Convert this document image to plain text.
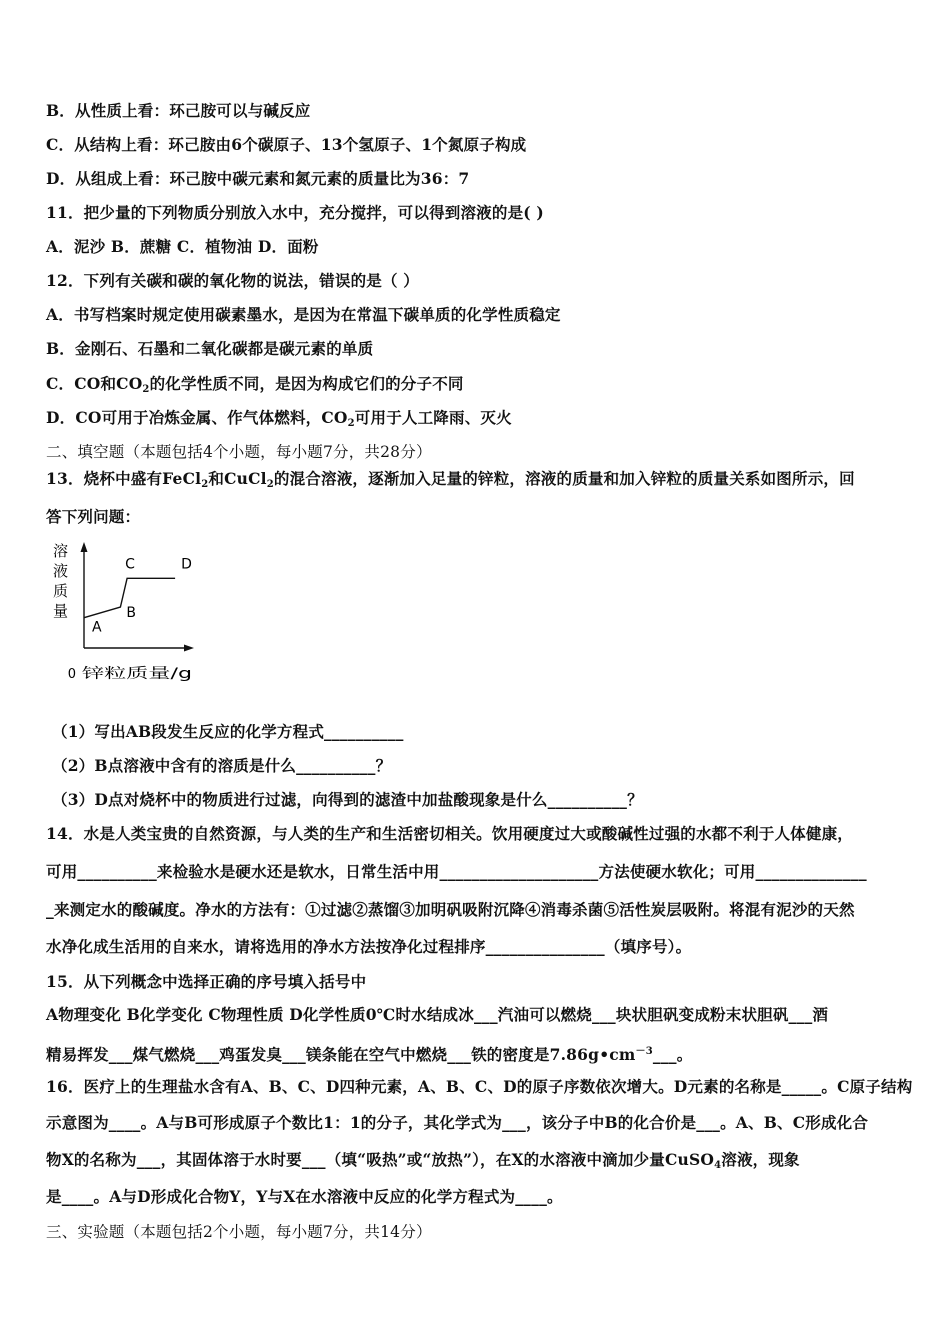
B．从性质上看：环己胺可以与碱反应
C．从结构上看：环己胺由6个碳原子、13个氢原子、1个氮原子构成
D．从组成上看：环己胺中碳元素和氮元素的质量比为36：7
11．把少量的下列物质分别放入水中，充分搅拌，可以得到溶液的是( )
A．泥沙 B．蔗糖 C．植物油 D．面粉
12．下列有关碳和碳的氧化物的说法，错误的是（ ）
A．书写档案时规定使用碳素墨水，是因为在常温下碳单质的化学性质稳定
B．金刚石、石墨和二氧化碳都是碳元素的单质
C．CO和$CO_2$的化学性质不同，是因为构成它们的分子不同
D．CO可用于冶炼金属、作气体燃料，$CO_2$可用于人工降雨、灭火
二、填空题（本题包括4个小题，每小题7分，共28分）
13．烧杯中盛有FeCl$_2$和CuCl$_2$的混合溶液，逐渐加入足量的锌粒，溶液的质量和加入锌粒的质量关系如图所示，回
答下列问题：
溶
液
质
量
锌粒质量/g
0
A
B
C	D
（1）写出AB段发生反应的化学方程式__________
（2）B点溶液中含有的溶质是什么__________？
（3）D点对烧杯中的物质进行过滤，向得到的滤渣中加盐酸现象是什么__________？
14．水是人类宝贵的自然资源，与人类的生产和生活密切相关。饮用硬度过大或酸碱性过强的水都不利于人体健康，
可用__________来检验水是硬水还是软水，日常生活中用____________________方法使硬水软化；可用______________
_来测定水的酸碱度。净水的方法有：①过滤②蒸馏③加明矾吸附沉降④消毒杀菌⑤活性炭层吸附。将混有泥沙的天然
水净化成生活用的自来水，请将选用的净水方法按净化过程排序_______________（填序号）。
15．从下列概念中选择正确的序号填入括号中
A物理变化 B化学变化 C物理性质 D化学性质0℃时水结成冰___汽油可以燃烧___块状胆矾变成粉末状胆矾___酒
精易挥发___煤气燃烧___鸡蛋发臭___镁条能在空气中燃烧___铁的密度是$7.86g•cm^{-3}\_\_\_$。
16．医疗上的生理盐水含有A、B、C、D四种元素，A、B、C、D的原子序数依次增大。D元素的名称是_____。C原子结构
示意图为____。A与B可形成原子个数比1：1的分子，其化学式为___，该分子中B的化合价是___。A、B、C形成化合
物X的名称为___，其固体溶于水时要___（填“吸热”或“放热”），在X的水溶液中滴加少量CuSO$_4$溶液，现象
是____。A与D形成化合物Y，Y与X在水溶液中反应的化学方程式为____。
三、实验题（本题包括2个小题，每小题7分，共14分）
